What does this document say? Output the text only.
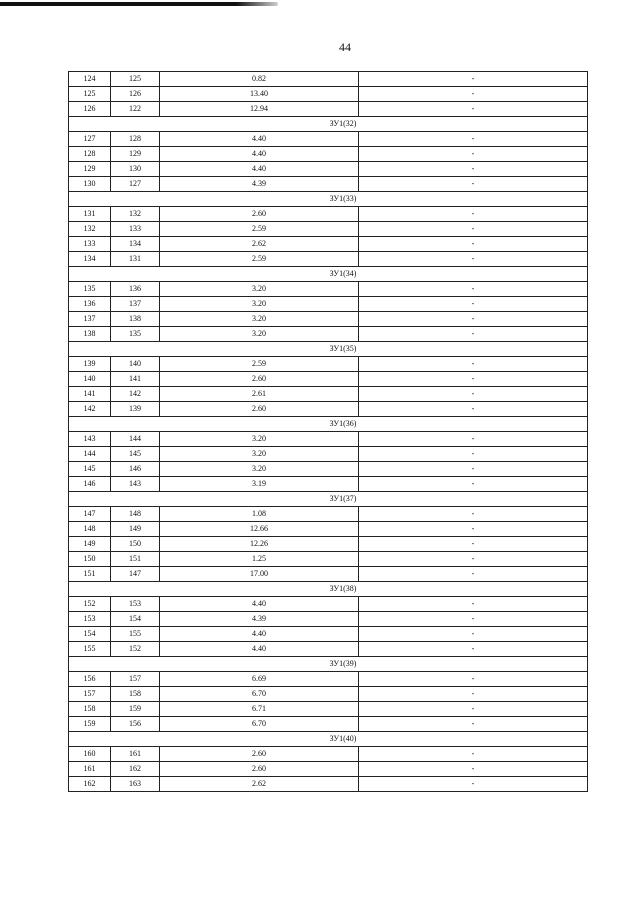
44
124	125	0.82	-
125	126	13.40	-
126	122	12.94	-
ЗУ1(32)			
127	128	4.40	-
128	129	4.40	-
129	130	4.40	-
130	127	4.39	-
ЗУ1(33)			
131	132	2.60	-
132	133	2.59	-
133	134	2.62	-
134	131	2.59	-
ЗУ1(34)			
135	136	3.20	-
136	137	3.20	-
137	138	3.20	-
138	135	3.20	-
ЗУ1(35)			
139	140	2.59	-
140	141	2.60	-
141	142	2.61	-
142	139	2.60	-
ЗУ1(36)			
143	144	3.20	-
144	145	3.20	-
145	146	3.20	-
146	143	3.19	-
ЗУ1(37)			
147	148	1.08	-
148	149	12.66	-
149	150	12.26	-
150	151	1.25	-
151	147	17.00	-
ЗУ1(38)			
152	153	4.40	-
153	154	4.39	-
154	155	4.40	-
155	152	4.40	-
ЗУ1(39)			
156	157	6.69	-
157	158	6.70	-
158	159	6.71	-
159	156	6.70	-
ЗУ1(40)			
160	161	2.60	-
161	162	2.60	-
162	163	2.62	-
